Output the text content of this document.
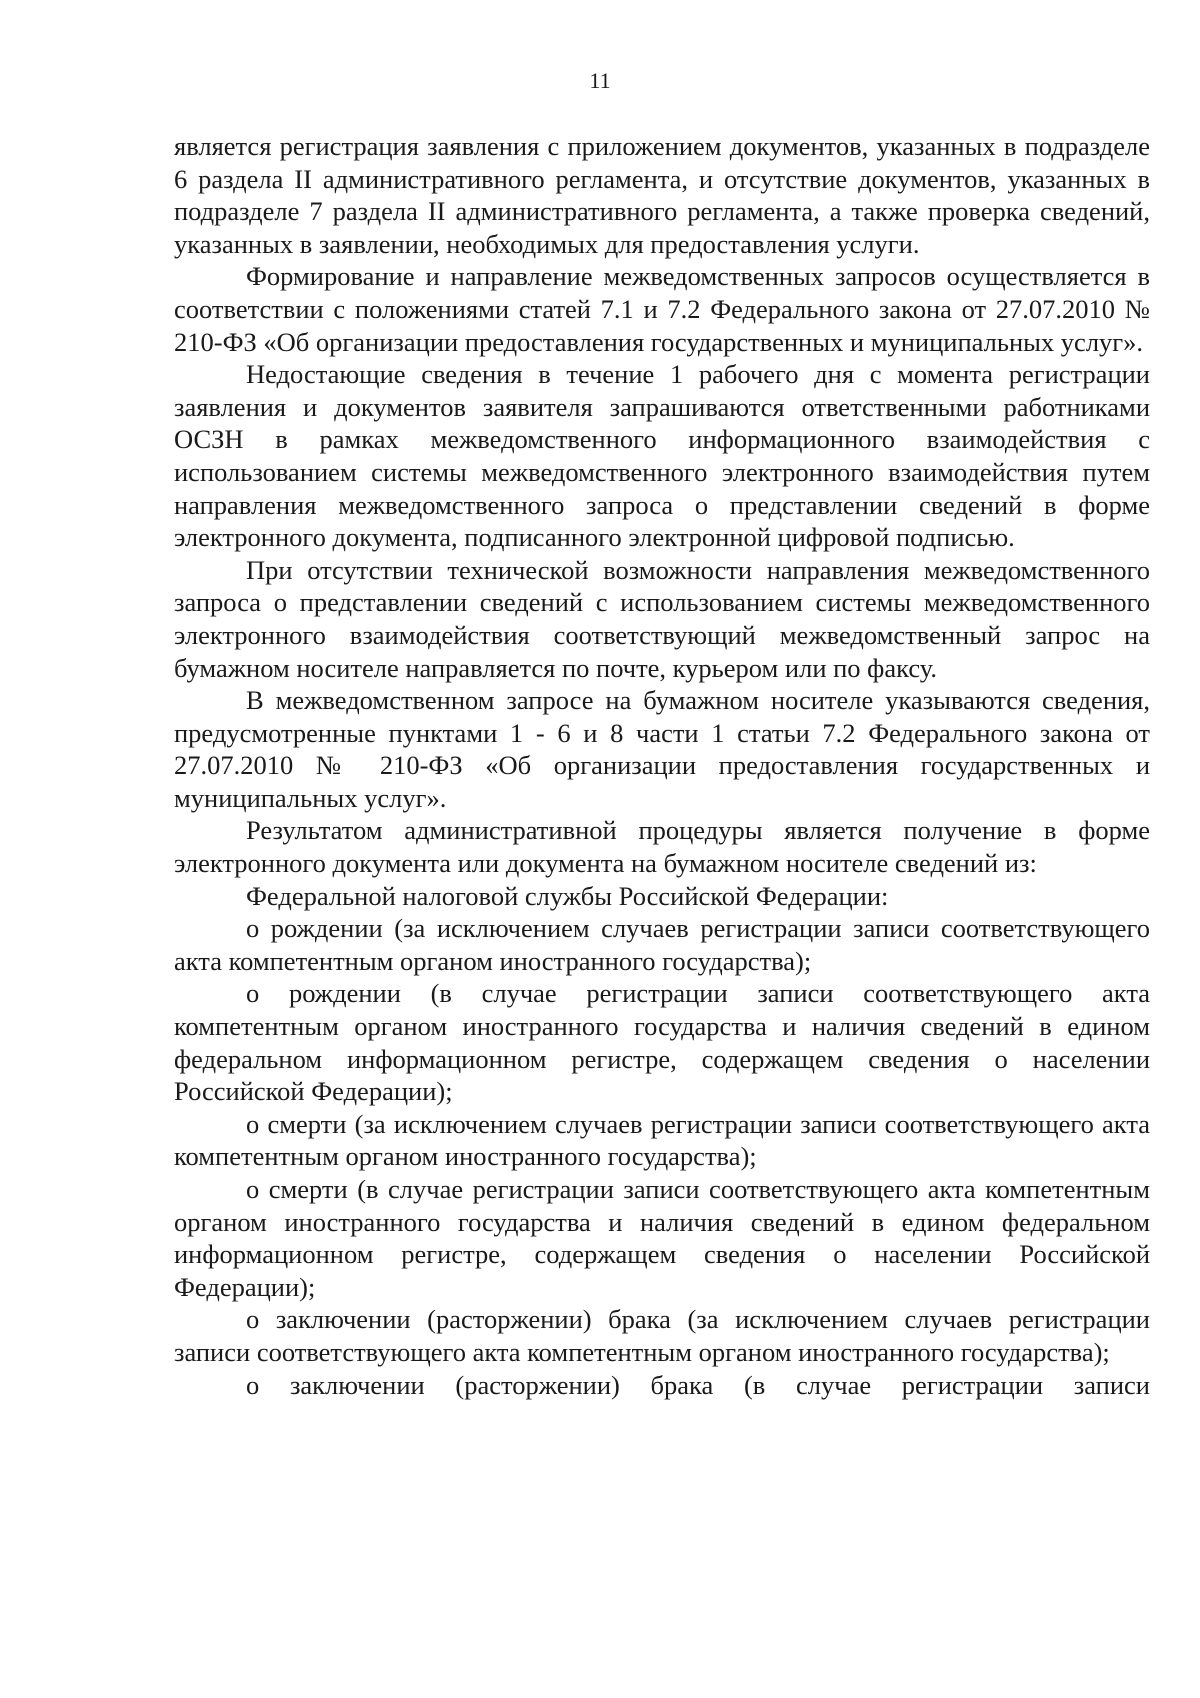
11

является регистрация заявления с приложением документов, указанных в подразделе 6 раздела II административного регламента, и отсутствие документов, указанных в подразделе 7 раздела II административного регламента, а также проверка сведений, указанных в заявлении, необходимых для предоставления услуги.

Формирование и направление межведомственных запросов осуществляется в соответствии с положениями статей 7.1 и 7.2 Федерального закона от 27.07.2010 № 210-ФЗ «Об организации предоставления государственных и муниципальных услуг».

Недостающие сведения в течение 1 рабочего дня с момента регистрации заявления и документов заявителя запрашиваются ответственными работниками ОСЗН в рамках межведомственного информационного взаимодействия с использованием системы межведомственного электронного взаимодействия путем направления межведомственного запроса о представлении сведений в форме электронного документа, подписанного электронной цифровой подписью.

При отсутствии технической возможности направления межведомственного запроса о представлении сведений с использованием системы межведомственного электронного взаимодействия соответствующий межведомственный запрос на бумажном носителе направляется по почте, курьером или по факсу.

В межведомственном запросе на бумажном носителе указываются сведения, предусмотренные пунктами 1 - 6 и 8 части 1 статьи 7.2 Федерального закона от 27.07.2010 № 210-ФЗ «Об организации предоставления государственных и муниципальных услуг».

Результатом административной процедуры является получение в форме электронного документа или документа на бумажном носителе сведений из:

Федеральной налоговой службы Российской Федерации:

о рождении (за исключением случаев регистрации записи соответствующего акта компетентным органом иностранного государства);

о рождении (в случае регистрации записи соответствующего акта компетентным органом иностранного государства и наличия сведений в едином федеральном информационном регистре, содержащем сведения о населении Российской Федерации);

о смерти (за исключением случаев регистрации записи соответствующего акта компетентным органом иностранного государства);

о смерти (в случае регистрации записи соответствующего акта компетентным органом иностранного государства и наличия сведений в едином федеральном информационном регистре, содержащем сведения о населении Российской Федерации);

о заключении (расторжении) брака (за исключением случаев регистрации записи соответствующего акта компетентным органом иностранного государства);

о заключении (расторжении) брака (в случае регистрации записи
